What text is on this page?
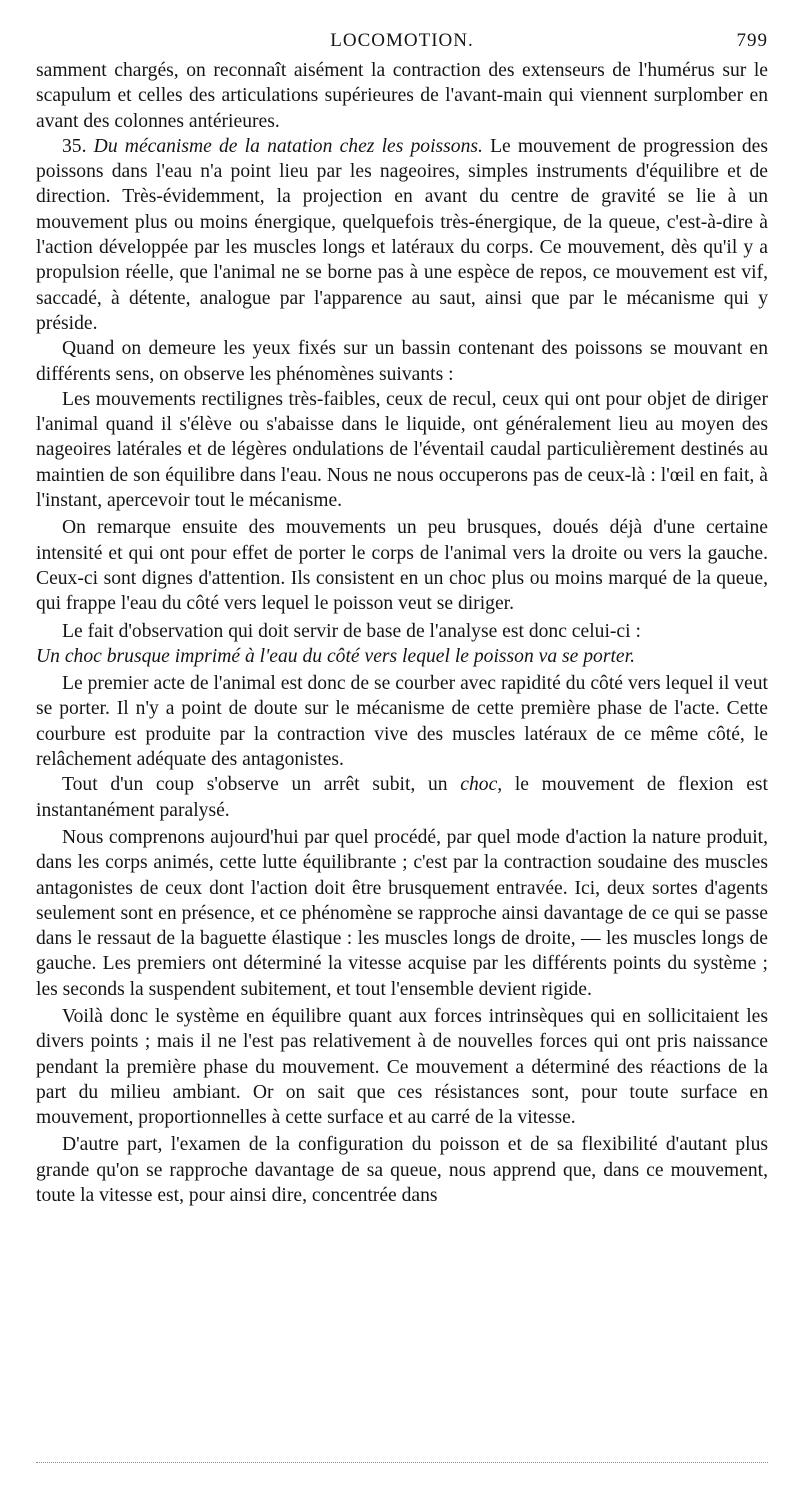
LOCOMOTION.	799

samment chargés, on reconnaît aisément la contraction des extenseurs de l'humérus sur le scapulum et celles des articulations supérieures de l'avant-main qui viennent surplomber en avant des colonnes antérieures.

35. Du mécanisme de la natation chez les poissons. Le mouvement de progression des poissons dans l'eau n'a point lieu par les nageoires, simples instruments d'équilibre et de direction. Très-évidemment, la projection en avant du centre de gravité se lie à un mouvement plus ou moins énergique, quelquefois très-énergique, de la queue, c'est-à-dire à l'action développée par les muscles longs et latéraux du corps. Ce mouvement, dès qu'il y a propulsion réelle, que l'animal ne se borne pas à une espèce de repos, ce mouvement est vif, saccadé, à détente, analogue par l'apparence au saut, ainsi que par le mécanisme qui y préside.

Quand on demeure les yeux fixés sur un bassin contenant des poissons se mouvant en différents sens, on observe les phénomènes suivants :

Les mouvements rectilignes très-faibles, ceux de recul, ceux qui ont pour objet de diriger l'animal quand il s'élève ou s'abaisse dans le liquide, ont généralement lieu au moyen des nageoires latérales et de légères ondulations de l'éventail caudal particulièrement destinés au maintien de son équilibre dans l'eau. Nous ne nous occuperons pas de ceux-là : l'œil en fait, à l'instant, apercevoir tout le mécanisme.

On remarque ensuite des mouvements un peu brusques, doués déjà d'une certaine intensité et qui ont pour effet de porter le corps de l'animal vers la droite ou vers la gauche. Ceux-ci sont dignes d'attention. Ils consistent en un choc plus ou moins marqué de la queue, qui frappe l'eau du côté vers lequel le poisson veut se diriger.

Le fait d'observation qui doit servir de base de l'analyse est donc celui-ci :

Un choc brusque imprimé à l'eau du côté vers lequel le poisson va se porter.

Le premier acte de l'animal est donc de se courber avec rapidité du côté vers lequel il veut se porter. Il n'y a point de doute sur le mécanisme de cette première phase de l'acte. Cette courbure est produite par la contraction vive des muscles latéraux de ce même côté, le relâchement adéquate des antagonistes.

Tout d'un coup s'observe un arrêt subit, un choc, le mouvement de flexion est instantanément paralysé.

Nous comprenons aujourd'hui par quel procédé, par quel mode d'action la nature produit, dans les corps animés, cette lutte équilibrante ; c'est par la contraction soudaine des muscles antagonistes de ceux dont l'action doit être brusquement entravée. Ici, deux sortes d'agents seulement sont en présence, et ce phénomène se rapproche ainsi davantage de ce qui se passe dans le ressaut de la baguette élastique : les muscles longs de droite, — les muscles longs de gauche. Les premiers ont déterminé la vitesse acquise par les différents points du système ; les seconds la suspendent subitement, et tout l'ensemble devient rigide.

Voilà donc le système en équilibre quant aux forces intrinsèques qui en sollicitaient les divers points ; mais il ne l'est pas relativement à de nouvelles forces qui ont pris naissance pendant la première phase du mouvement. Ce mouvement a déterminé des réactions de la part du milieu ambiant. Or on sait que ces résistances sont, pour toute surface en mouvement, proportionnelles à cette surface et au carré de la vitesse.

D'autre part, l'examen de la configuration du poisson et de sa flexibilité d'autant plus grande qu'on se rapproche davantage de sa queue, nous apprend que, dans ce mouvement, toute la vitesse est, pour ainsi dire, concentrée dans
